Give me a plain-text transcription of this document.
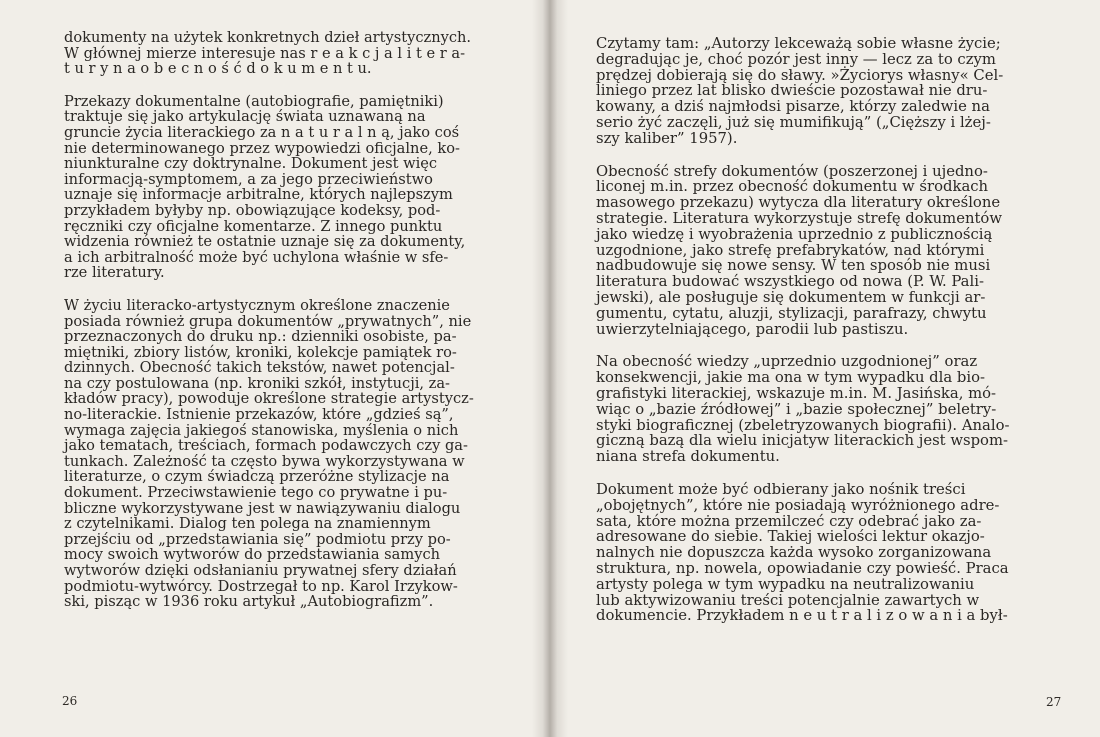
dokumenty na użytek konkretnych dzieł artystycznych.
W głównej mierze interesuje nas r e a k c j a l i t e r a-
t u r y n a o b e c n o ś ć d o k u m e n t u.

Przekazy dokumentalne (autobiografie, pamiętniki)
traktuje się jako artykulację świata uznawaną na
gruncie życia literackiego za n a t u r a l n ą, jako coś
nie determinowanego przez wypowiedzi oficjalne, ko-
niunkturalne czy doktrynalne. Dokument jest więc
informacją-symptomem, a za jego przeciwieństwo
uznaje się informacje arbitralne, których najlepszym
przykładem byłyby np. obowiązujące kodeksy, pod-
ręczniki czy oficjalne komentarze. Z innego punktu
widzenia również te ostatnie uznaje się za dokumenty,
a ich arbitralność może być uchylona właśnie w sfe-
rze literatury.

W życiu literacko-artystycznym określone znaczenie
posiada również grupa dokumentów „prywatnych”, nie
przeznaczonych do druku np.: dzienniki osobiste, pa-
miętniki, zbiory listów, kroniki, kolekcje pamiątek ro-
dzinnych. Obecność takich tekstów, nawet potencjal-
na czy postulowana (np. kroniki szkół, instytucji, za-
kładów pracy), powoduje określone strategie artystycz-
no-literackie. Istnienie przekazów, które „gdzieś są”,
wymaga zajęcia jakiegoś stanowiska, myślenia o nich
jako tematach, treściach, formach podawczych czy ga-
tunkach. Zależność ta często bywa wykorzystywana w
literaturze, o czym świadczą przeróżne stylizacje na
dokument. Przeciwstawienie tego co prywatne i pu-
bliczne wykorzystywane jest w nawiązywaniu dialogu
z czytelnikami. Dialog ten polega na znamiennym
przejściu od „przedstawiania się” podmiotu przy po-
mocy swoich wytworów do przedstawiania samych
wytworów dzięki odsłanianiu prywatnej sfery działań
podmiotu-wytwórcy. Dostrzegał to np. Karol Irzykow-
ski, pisząc w 1936 roku artykuł „Autobiografizm”.

Czytamy tam: „Autorzy lekceważą sobie własne życie;
degradując je, choć pozór jest inny — lecz za to czym
prędzej dobierają się do sławy. »Życiorys własny« Cel-
liniego przez lat blisko dwieście pozostawał nie dru-
kowany, a dziś najmłodsi pisarze, którzy zaledwie na
serio żyć zaczęli, już się mumifikują” („Cięższy i lżej-
szy kaliber” 1957).

Obecność strefy dokumentów (poszerzonej i ujedno-
liconej m.in. przez obecność dokumentu w środkach
masowego przekazu) wytycza dla literatury określone
strategie. Literatura wykorzystuje strefę dokumentów
jako wiedzę i wyobrażenia uprzednio z publicznością
uzgodnione, jako strefę prefabrykatów, nad którymi
nadbudowuje się nowe sensy. W ten sposób nie musi
literatura budować wszystkiego od nowa (P. W. Pali-
jewski), ale posługuje się dokumentem w funkcji ar-
gumentu, cytatu, aluzji, stylizacji, parafrazy, chwytu
uwierzytelniającego, parodii lub pastiszu.

Na obecność wiedzy „uprzednio uzgodnionej” oraz
konsekwencji, jakie ma ona w tym wypadku dla bio-
grafistyki literackiej, wskazuje m.in. M. Jasińska, mó-
wiąc o „bazie źródłowej” i „bazie społecznej” beletry-
styki biograficznej (zbeletryzowanych biografii). Analo-
giczną bazą dla wielu inicjatyw literackich jest wspom-
niana strefa dokumentu.

Dokument może być odbierany jako nośnik treści
„obojętnych”, które nie posiadają wyróżnionego adre-
sata, które można przemilczeć czy odebrać jako za-
adresowane do siebie. Takiej wielości lektur okazjo-
nalnych nie dopuszcza każda wysoko zorganizowana
struktura, np. nowela, opowiadanie czy powieść. Praca
artysty polega w tym wypadku na neutralizowaniu
lub aktywizowaniu treści potencjalnie zawartych w
dokumencie. Przykładem n e u t r a l i z o w a n i a był-

26	27
